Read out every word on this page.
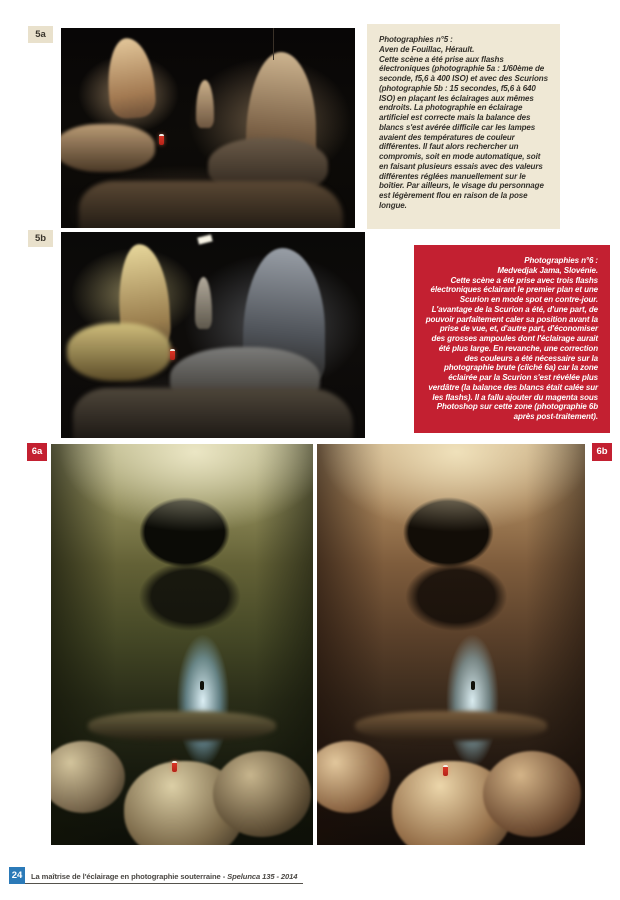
5a	Photographies n°5 :
Aven de Fouillac, Hérault.
Cette scène a été prise aux flashs électroniques (photographie 5a : 1/60ème de seconde, f5,6 à 400 ISO) et avec des Scurions (photographie 5b : 15 secondes, f5,6 à 640 ISO) en plaçant les éclairages aux mêmes endroits. La photographie en éclairage artificiel est correcte mais la balance des blancs s'est avérée difficile car les lampes avaient des températures de couleur différentes. Il faut alors rechercher un compromis, soit en mode automatique, soit en faisant plusieurs essais avec des valeurs différentes réglées manuellement sur le boîtier. Par ailleurs, le visage du personnage est légèrement flou en raison de la pose longue.
5b
Photographies n°6 :
Medvedjak Jama, Slovénie.
Cette scène a été prise avec trois flashs électroniques éclairant le premier plan et une Scurion en mode spot en contre-jour. L'avantage de la Scurion a été, d'une part, de pouvoir parfaitement caler sa position avant la prise de vue, et, d'autre part, d'économiser des grosses ampoules dont l'éclairage aurait été plus large. En revanche, une correction des couleurs a été nécessaire sur la photographie brute (cliché 6a) car la zone éclairée par la Scurion s'est révélée plus verdâtre (la balance des blancs était calée sur les flashs). Il a fallu ajouter du magenta sous Photoshop sur cette zone (photographie 6b après post-traitement).
6a	6b
24	La maîtrise de l'éclairage en photographie souterraine - Spelunca 135 - 2014
